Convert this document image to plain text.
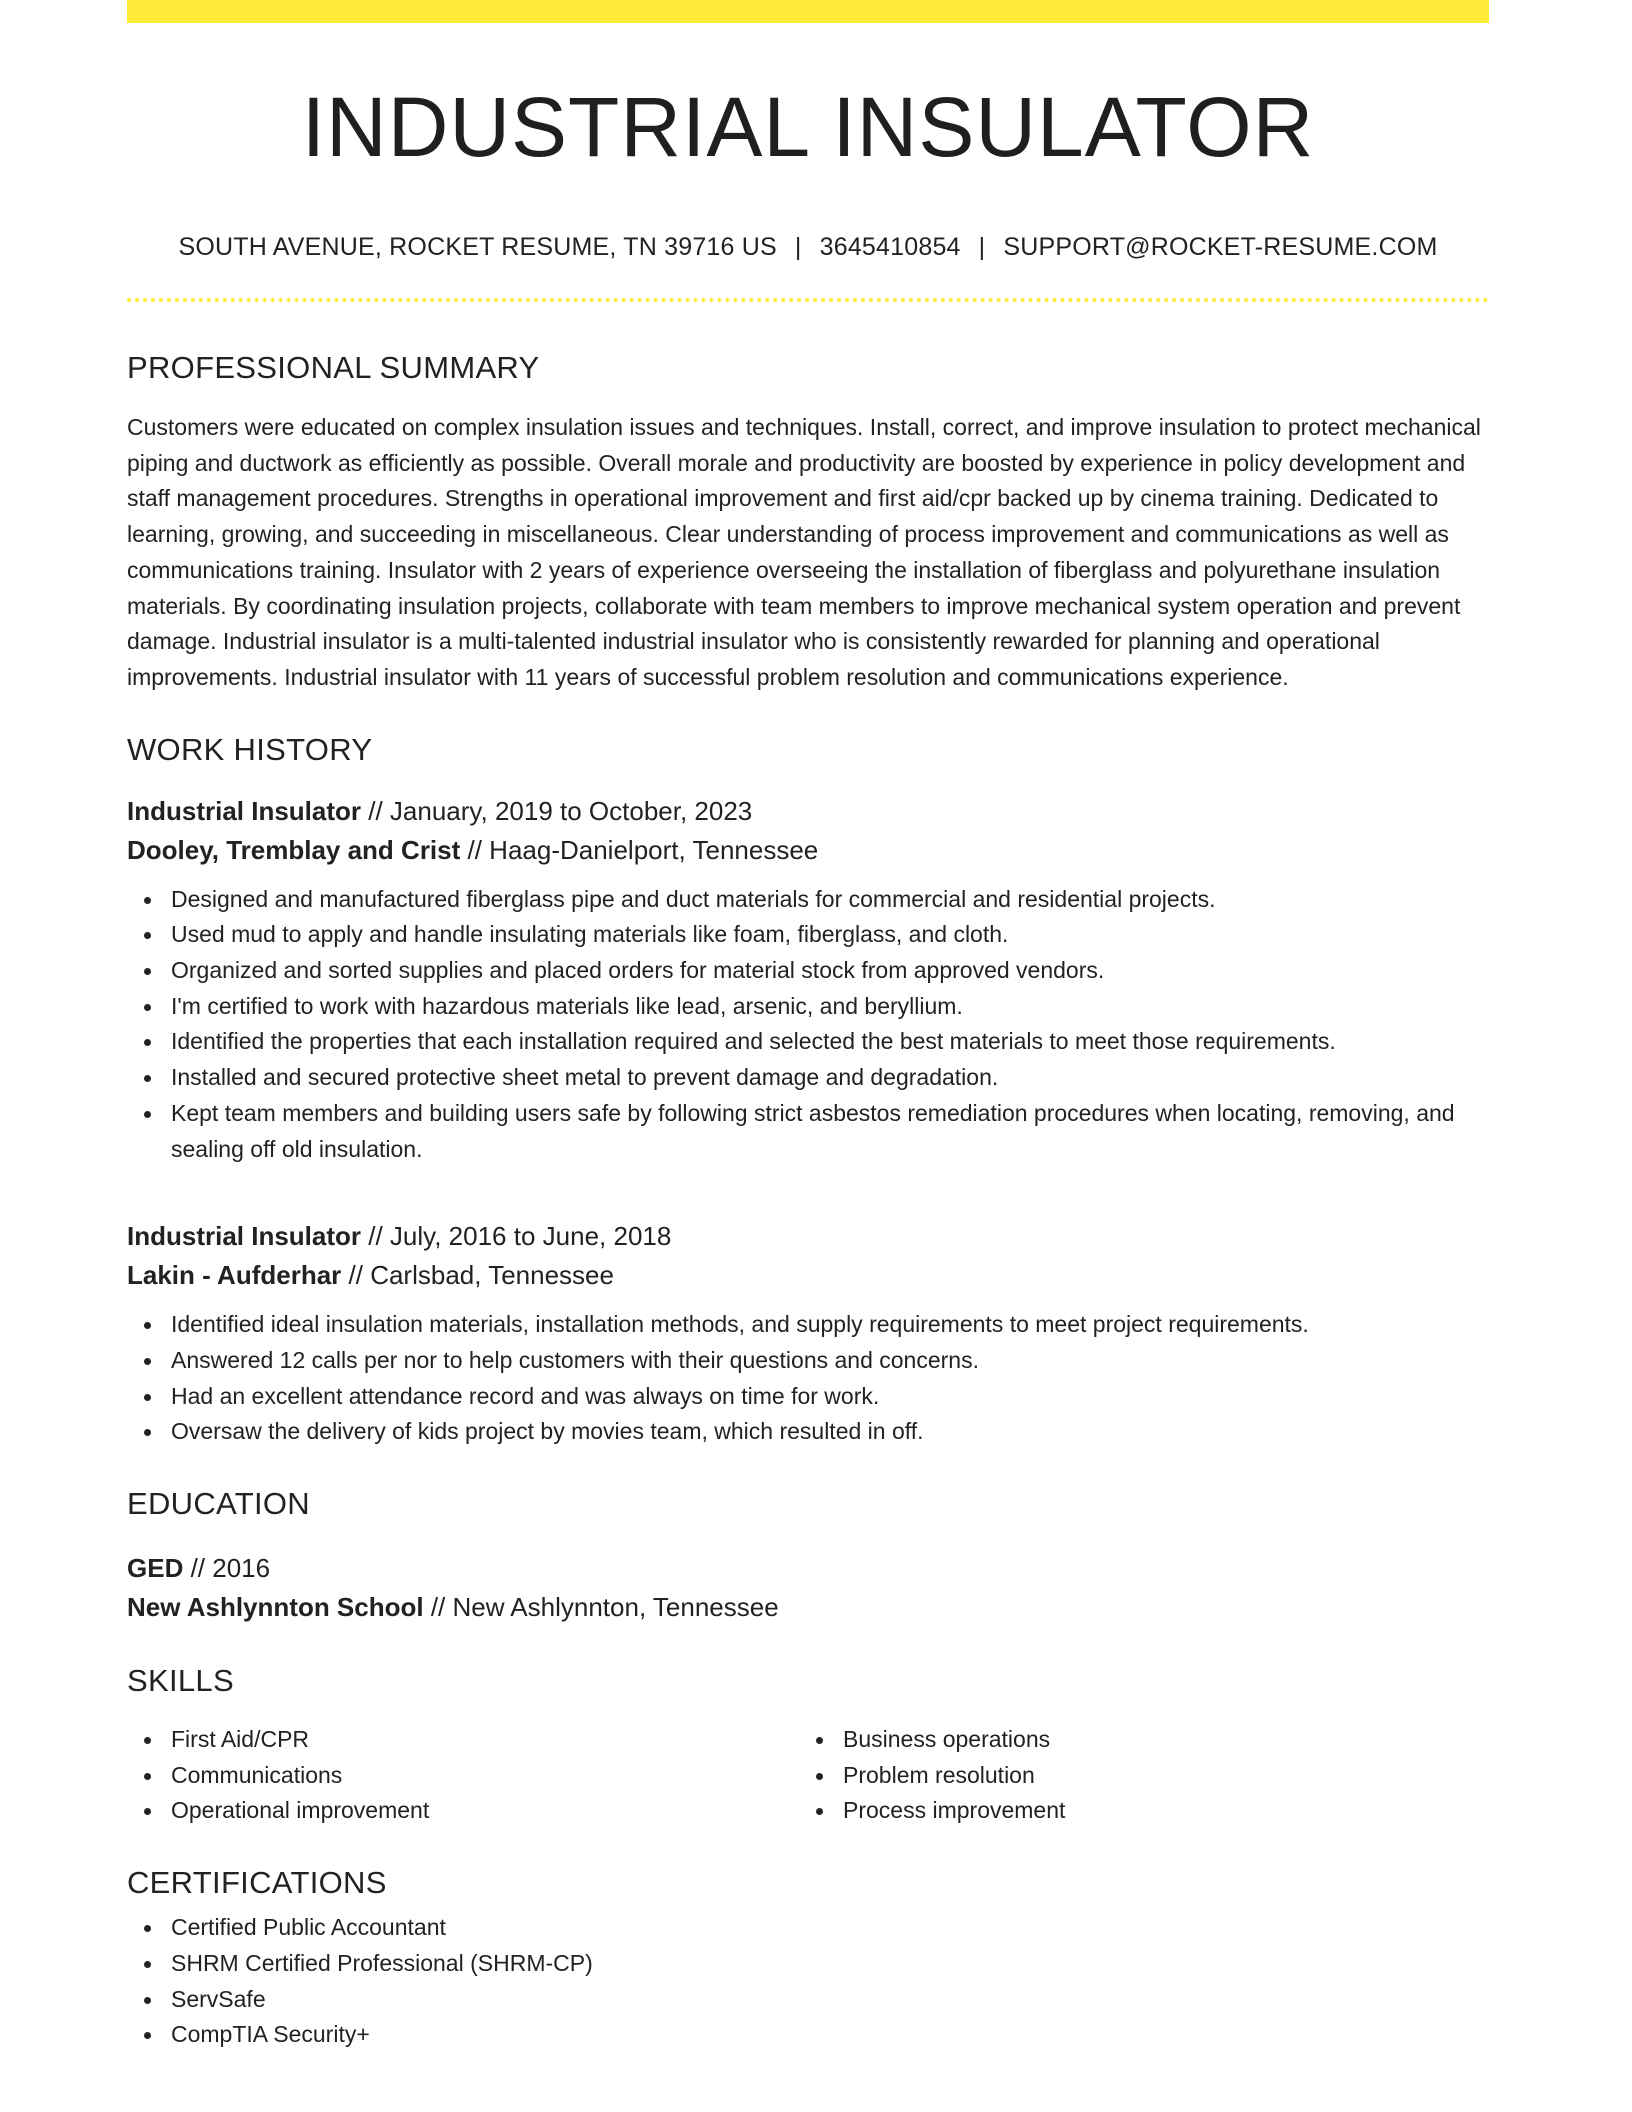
INDUSTRIAL INSULATOR
SOUTH AVENUE, ROCKET RESUME, TN 39716 US | 3645410854 | SUPPORT@ROCKET-RESUME.COM
PROFESSIONAL SUMMARY

Customers were educated on complex insulation issues and techniques. Install, correct, and improve insulation to protect mechanical piping and ductwork as efficiently as possible. Overall morale and productivity are boosted by experience in policy development and staff management procedures. Strengths in operational improvement and first aid/cpr backed up by cinema training. Dedicated to learning, growing, and succeeding in miscellaneous. Clear understanding of process improvement and communications as well as communications training. Insulator with 2 years of experience overseeing the installation of fiberglass and polyurethane insulation materials. By coordinating insulation projects, collaborate with team members to improve mechanical system operation and prevent damage. Industrial insulator is a multi-talented industrial insulator who is consistently rewarded for planning and operational improvements. Industrial insulator with 11 years of successful problem resolution and communications experience.

WORK HISTORY
Industrial Insulator // January, 2019 to October, 2023
Dooley, Tremblay and Crist // Haag-Danielport, Tennessee
Designed and manufactured fiberglass pipe and duct materials for commercial and residential projects.
Used mud to apply and handle insulating materials like foam, fiberglass, and cloth.
Organized and sorted supplies and placed orders for material stock from approved vendors.
I'm certified to work with hazardous materials like lead, arsenic, and beryllium.
Identified the properties that each installation required and selected the best materials to meet those requirements.
Installed and secured protective sheet metal to prevent damage and degradation.
Kept team members and building users safe by following strict asbestos remediation procedures when locating, removing, and sealing off old insulation.
Industrial Insulator // July, 2016 to June, 2018
Lakin - Aufderhar // Carlsbad, Tennessee
Identified ideal insulation materials, installation methods, and supply requirements to meet project requirements.
Answered 12 calls per nor to help customers with their questions and concerns.
Had an excellent attendance record and was always on time for work.
Oversaw the delivery of kids project by movies team, which resulted in off.
EDUCATION
GED // 2016
New Ashlynnton School // New Ashlynnton, Tennessee
SKILLS
First Aid/CPR
Communications
Operational improvement
Business operations
Problem resolution
Process improvement
CERTIFICATIONS
Certified Public Accountant
SHRM Certified Professional (SHRM-CP)
ServSafe
CompTIA Security+
